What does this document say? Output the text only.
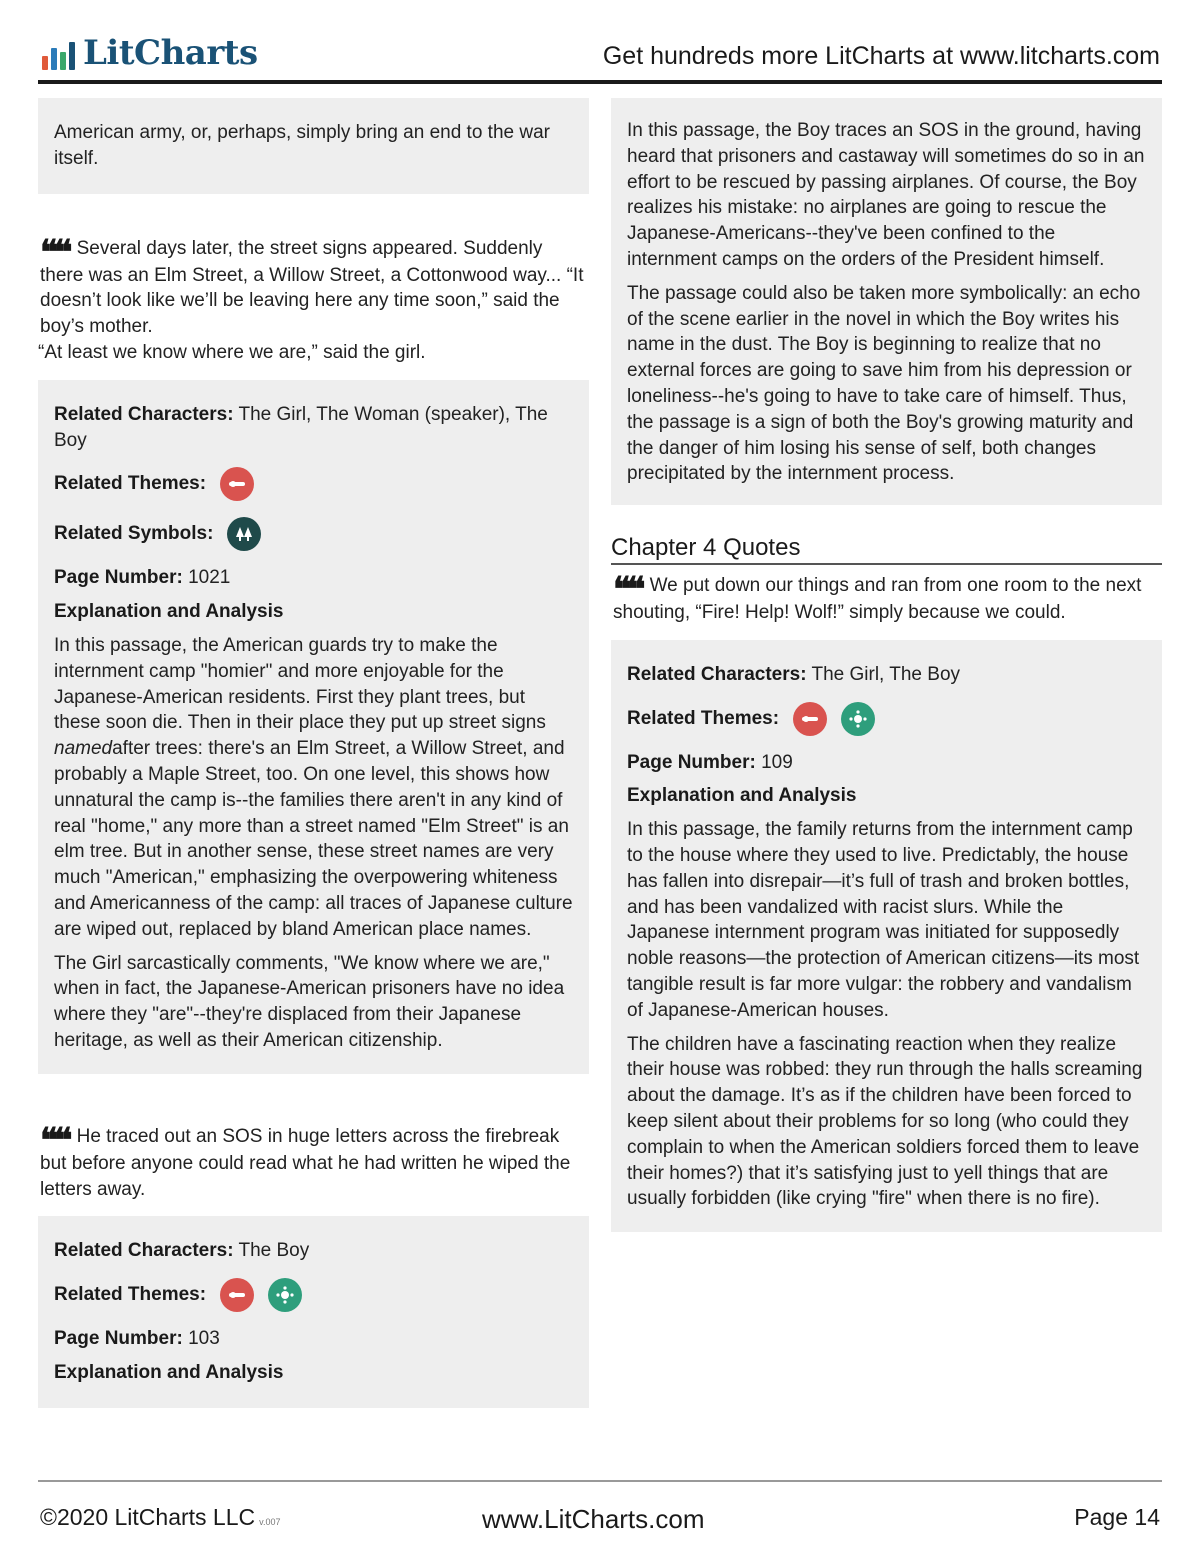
LitCharts	Get hundreds more LitCharts at www.litcharts.com

American army, or, perhaps, simply bring an end to the war itself.

❝❝ Several days later, the street signs appeared. Suddenly there was an Elm Street, a Willow Street, a Cottonwood way... “It doesn’t look like we’ll be leaving here any time soon,” said the boy’s mother.

“At least we know where we are,” said the girl.

Related Characters: The Girl, The Woman (speaker), The Boy

Related Themes:
Related Symbols:

Page Number: 1021

Explanation and Analysis

In this passage, the American guards try to make the internment camp "homier" and more enjoyable for the Japanese-American residents. First they plant trees, but these soon die. Then in their place they put up street signs namedafter trees: there's an Elm Street, a Willow Street, and probably a Maple Street, too. On one level, this shows how unnatural the camp is--the families there aren't in any kind of real "home," any more than a street named "Elm Street" is an elm tree. But in another sense, these street names are very much "American," emphasizing the overpowering whiteness and Americanness of the camp: all traces of Japanese culture are wiped out, replaced by bland American place names.

The Girl sarcastically comments, "We know where we are," when in fact, the Japanese-American prisoners have no idea where they "are"--they're displaced from their Japanese heritage, as well as their American citizenship.

❝❝ He traced out an SOS in huge letters across the firebreak but before anyone could read what he had written he wiped the letters away.

Related Characters: The Boy

Related Themes:

Page Number: 103

Explanation and Analysis

In this passage, the Boy traces an SOS in the ground, having heard that prisoners and castaway will sometimes do so in an effort to be rescued by passing airplanes. Of course, the Boy realizes his mistake: no airplanes are going to rescue the Japanese-Americans--they've been confined to the internment camps on the orders of the President himself.

The passage could also be taken more symbolically: an echo of the scene earlier in the novel in which the Boy writes his name in the dust. The Boy is beginning to realize that no external forces are going to save him from his depression or loneliness--he's going to have to take care of himself. Thus, the passage is a sign of both the Boy's growing maturity and the danger of him losing his sense of self, both changes precipitated by the internment process.

Chapter 4 Quotes

❝❝ We put down our things and ran from one room to the next shouting, “Fire! Help! Wolf!” simply because we could.

Related Characters: The Girl, The Boy

Related Themes:

Page Number: 109

Explanation and Analysis

In this passage, the family returns from the internment camp to the house where they used to live. Predictably, the house has fallen into disrepair—it’s full of trash and broken bottles, and has been vandalized with racist slurs. While the Japanese internment program was initiated for supposedly noble reasons—the protection of American citizens—its most tangible result is far more vulgar: the robbery and vandalism of Japanese-American houses.

The children have a fascinating reaction when they realize their house was robbed: they run through the halls screaming about the damage. It’s as if the children have been forced to keep silent about their problems for so long (who could they complain to when the American soldiers forced them to leave their homes?) that it’s satisfying just to yell things that are usually forbidden (like crying "fire" when there is no fire).

©2020 LitCharts LLC v.007	www.LitCharts.com	Page 14
